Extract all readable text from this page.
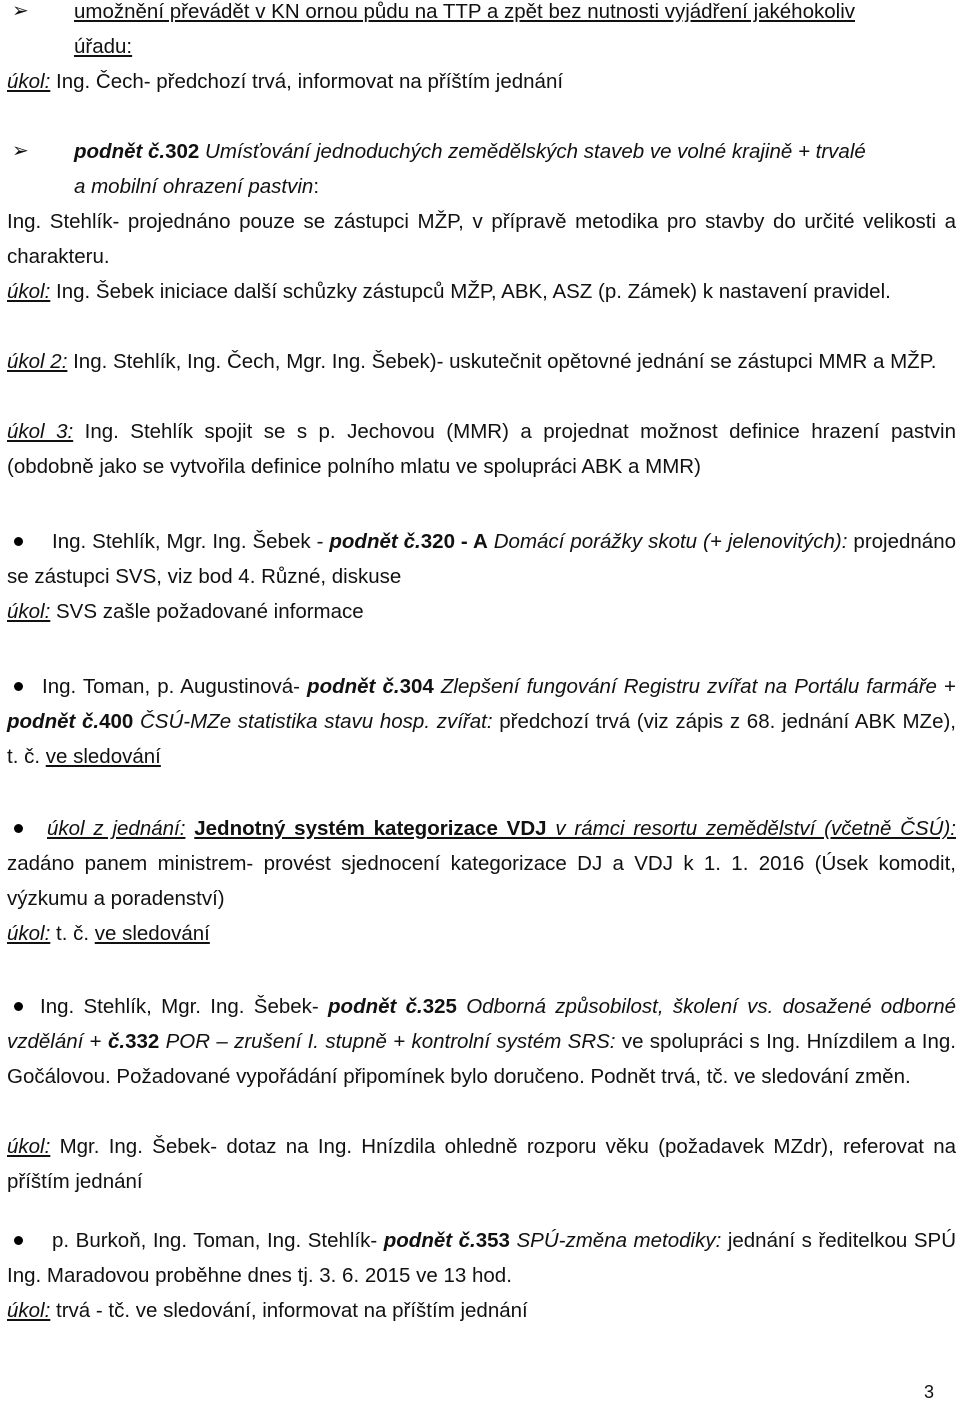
➢ umožnění převádět v KN ornou půdu na TTP a zpět bez nutnosti vyjádření jakéhokoliv
úřadu:
úkol: Ing. Čech- předchozí trvá, informovat na příštím jednání
➢ podnět č.302 Umísťování jednoduchých zemědělských staveb ve volné krajině + trvalé
a mobilní ohrazení pastvin:
Ing. Stehlík- projednáno pouze se zástupci MŽP, v přípravě metodika pro stavby do určité velikosti a charakteru.
úkol: Ing. Šebek iniciace další schůzky zástupců MŽP, ABK, ASZ (p. Zámek) k nastavení pravidel.
úkol 2: Ing. Stehlík, Ing. Čech, Mgr. Ing. Šebek)- uskutečnit opětovné jednání se zástupci MMR a MŽP.
úkol 3: Ing. Stehlík spojit se s p. Jechovou (MMR) a projednat možnost definice hrazení pastvin (obdobně jako se vytvořila definice polního mlatu ve spolupráci ABK a MMR)
Ing. Stehlík, Mgr. Ing. Šebek - podnět č.320 - A Domácí porážky skotu (+ jelenovitých): projednáno se zástupci SVS, viz bod 4. Různé, diskuse
úkol: SVS zašle požadované informace
Ing. Toman, p. Augustinová- podnět č.304 Zlepšení fungování Registru zvířat na Portálu farmáře + podnět č.400 ČSÚ-MZe statistika stavu hosp. zvířat: předchozí trvá (viz zápis z 68. jednání ABK MZe), t. č. ve sledování
úkol z jednání: Jednotný systém kategorizace VDJ v rámci resortu zemědělství (včetně ČSÚ): zadáno panem ministrem- provést sjednocení kategorizace DJ a VDJ k 1. 1. 2016 (Úsek komodit, výzkumu a poradenství)
úkol: t. č. ve sledování
Ing. Stehlík, Mgr. Ing. Šebek- podnět č.325 Odborná způsobilost, školení vs. dosažené odborné vzdělání + č.332 POR – zrušení I. stupně + kontrolní systém SRS: ve spolupráci s Ing. Hnízdilem a Ing. Gočálovou. Požadované vypořádání připomínek bylo doručeno. Podnět trvá, tč. ve sledování změn.
úkol: Mgr. Ing. Šebek- dotaz na Ing. Hnízdila ohledně rozporu věku (požadavek MZdr), referovat na příštím jednání
p. Burkoň, Ing. Toman, Ing. Stehlík- podnět č.353 SPÚ-změna metodiky: jednání s ředitelkou SPÚ Ing. Maradovou proběhne dnes tj. 3. 6. 2015 ve 13 hod.
úkol: trvá - tč. ve sledování, informovat na příštím jednání
3
